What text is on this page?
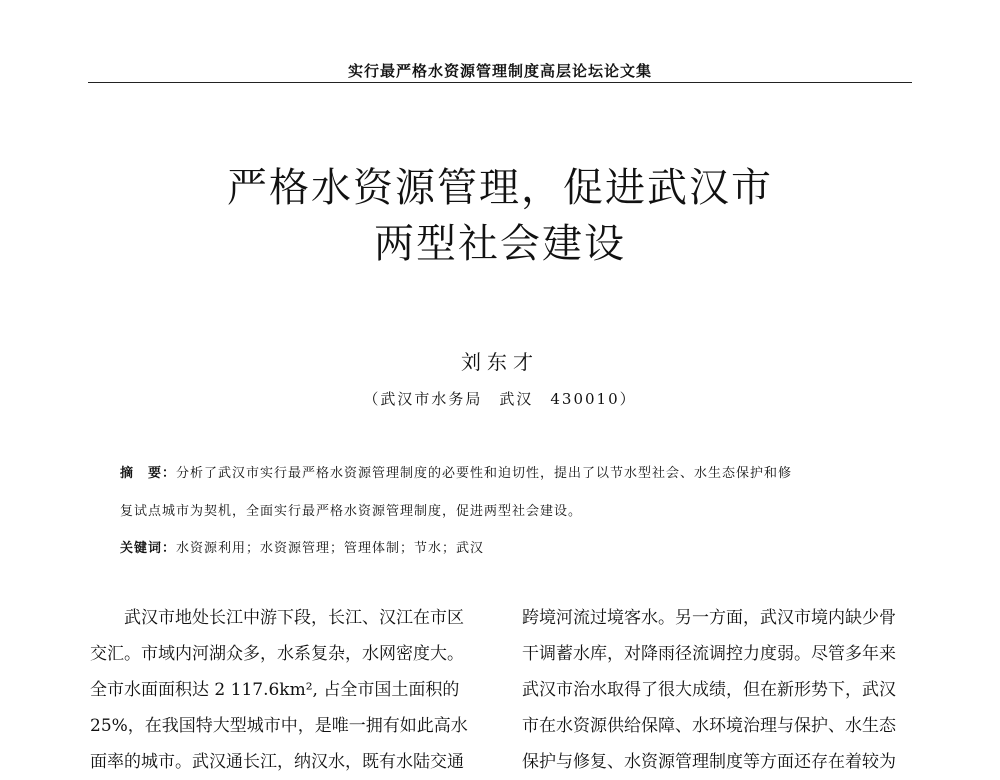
实行最严格水资源管理制度高层论坛论文集
严格水资源管理，促进武汉市
两型社会建设
刘东才
（武汉市水务局　武汉　430010）
摘　要：分析了武汉市实行最严格水资源管理制度的必要性和迫切性，提出了以节水型社会、水生态保护和修
复试点城市为契机，全面实行最严格水资源管理制度，促进两型社会建设。
关键词：水资源利用；水资源管理；管理体制；节水；武汉

　　武汉市地处长江中游下段，长江、汉江在市区

交汇。市域内河湖众多，水系复杂，水网密度大。

全市水面面积达 2 117.6km², 占全市国土面积的

25%，在我国特大型城市中，是唯一拥有如此高水

面率的城市。武汉通长江，纳汉水，既有水陆交通

跨境河流过境客水。另一方面，武汉市境内缺少骨

干调蓄水库，对降雨径流调控力度弱。尽管多年来

武汉市治水取得了很大成绩，但在新形势下，武汉

市在水资源供给保障、水环境治理与保护、水生态

保护与修复、水资源管理制度等方面还存在着较为
